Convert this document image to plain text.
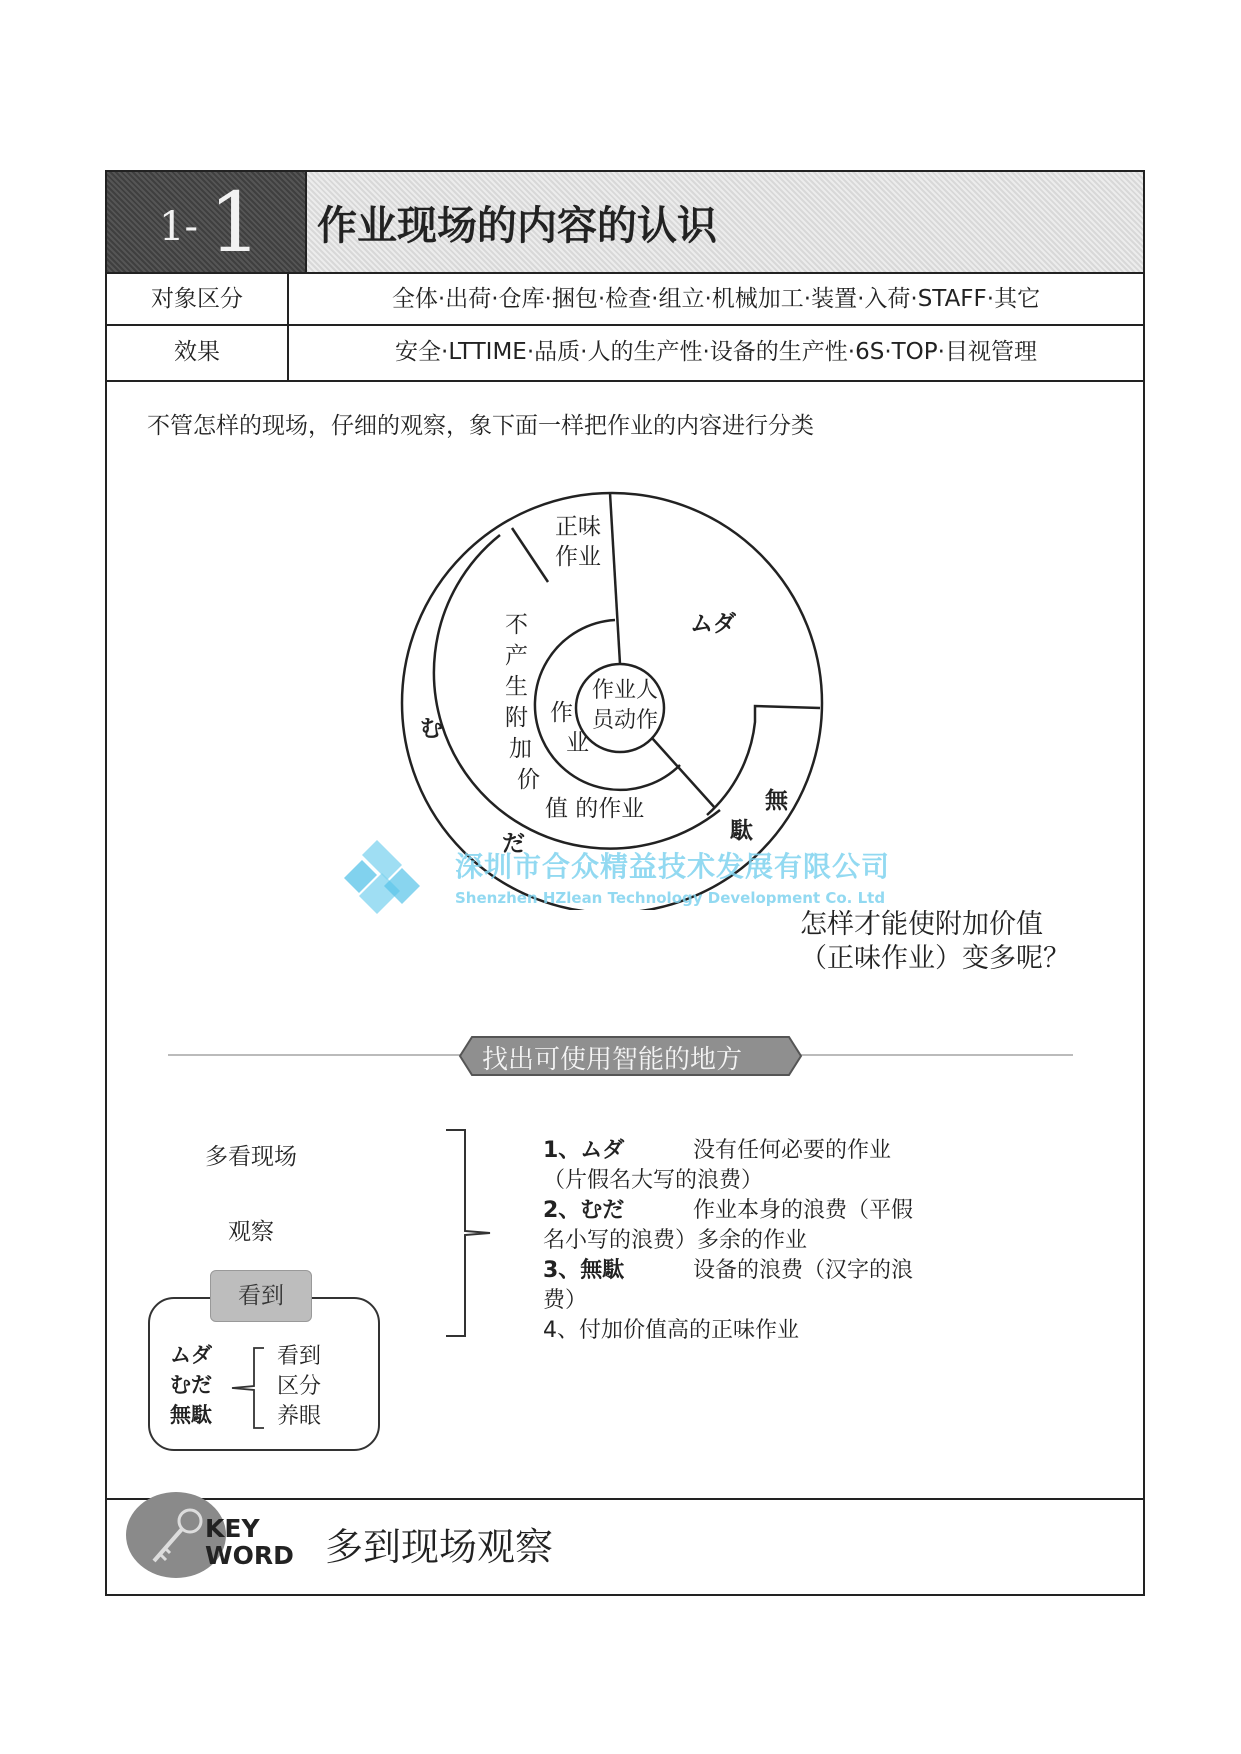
1- 1 作业现场的内容的认识
对象区分	全体·出荷·仓库·捆包·检查·组立·机械加工·装置·入荷·STAFF·其它
效果	安全·LTTIME·品质·人的生产性·设备的生产性·6S·TOP·目视管理
不管怎样的现场，仔细的观察，象下面一样把作业的内容进行分类
正味
作业
ムダ
む
だ
無
駄
不
产
生
附
加
价
值 的作业
作
业
作业人
员动作
深圳市合众精益技术发展有限公司
Shenzhen HZlean Technology Development Co. Ltd
怎样才能使附加价值
（正味作业）变多呢？
找出可使用智能的地方
多看现场
观察
看到
ムダ
むだ
無駄
看到
区分
养眼
1、ムダ	没有任何必要的作业
（片假名大写的浪费）
2、むだ	作业本身的浪费（平假
名小写的浪费）多余的作业
3、無駄	设备的浪费（汉字的浪
费）
4、付加价值高的正味作业
KEY
WORD 多到现场观察
